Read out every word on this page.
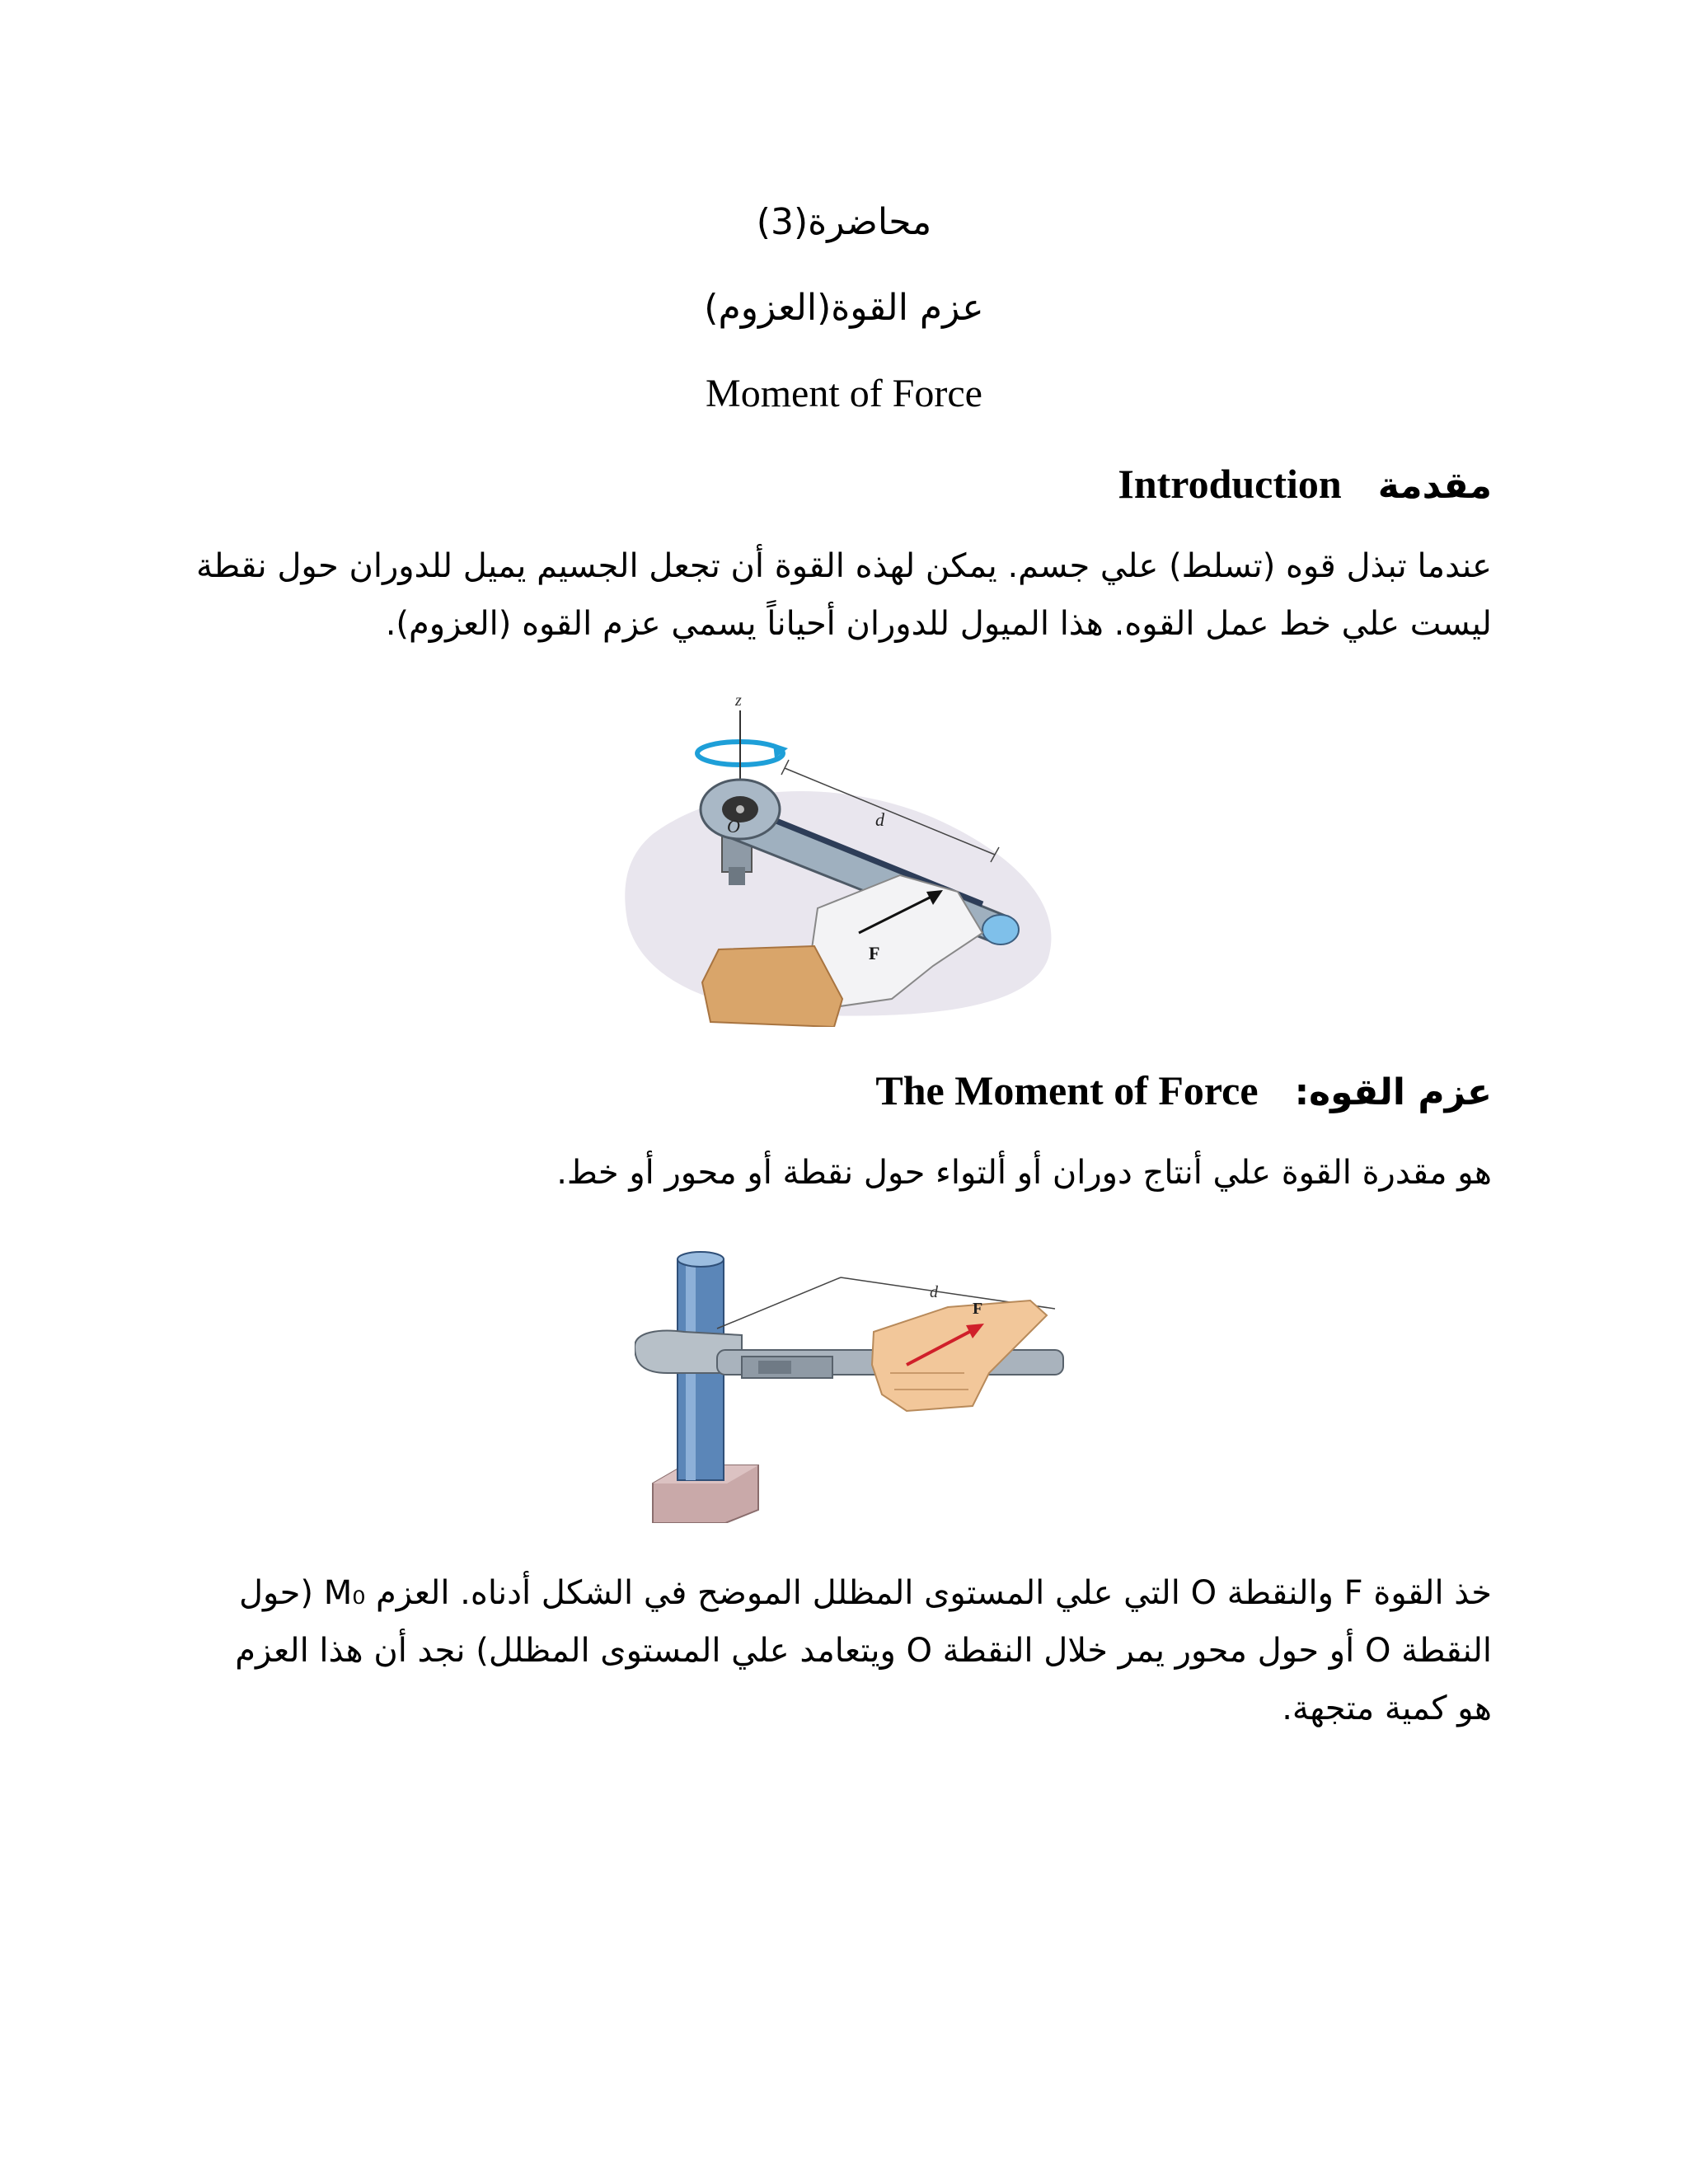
محاضرة(3)
عزم القوة(العزوم)
Moment of Force
مقدمةIntroduction
عندما تبذل قوه (تسلط) علي جسم. يمكن لهذه القوة أن تجعل الجسيم يميل للدوران حول نقطة
ليست علي خط عمل القوه. هذا الميول للدوران أحياناً يسمي عزم القوه (العزوم).
z
O	d
F
عزم القوه:The Moment of Force
هو مقدرة القوة علي أنتاج دوران أو ألتواء حول نقطة أو محور أو خط.
d
F
خذ القوة F والنقطة O التي علي المستوى المظلل الموضح في الشكل أدناه. العزم M₀ (حول
النقطة O أو حول محور يمر خلال النقطة O ويتعامد علي المستوى المظلل) نجد أن هذا العزم
هو كمية متجهة.
